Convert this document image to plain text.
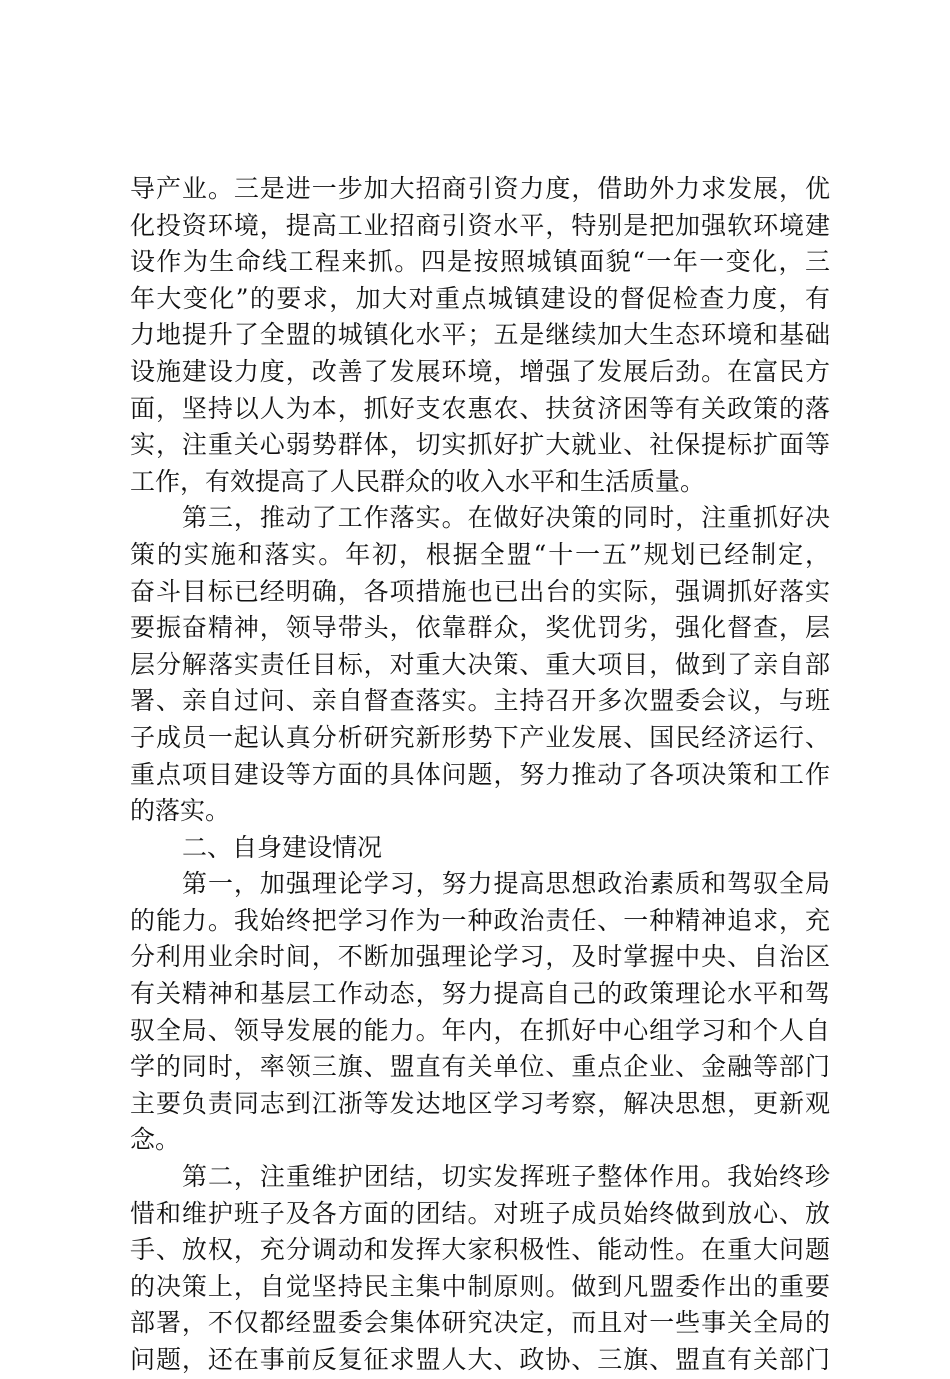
导产业。三是进一步加大招商引资力度，借助外力求发展，优
化投资环境，提高工业招商引资水平，特别是把加强软环境建
设作为生命线工程来抓。四是按照城镇面貌“一年一变化，三
年大变化”的要求，加大对重点城镇建设的督促检查力度，有
力地提升了全盟的城镇化水平；五是继续加大生态环境和基础
设施建设力度，改善了发展环境，增强了发展后劲。在富民方
面，坚持以人为本，抓好支农惠农、扶贫济困等有关政策的落
实，注重关心弱势群体，切实抓好扩大就业、社保提标扩面等
工作，有效提高了人民群众的收入水平和生活质量。
第三，推动了工作落实。在做好决策的同时，注重抓好决
策的实施和落实。年初，根据全盟“十一五”规划已经制定，
奋斗目标已经明确，各项措施也已出台的实际，强调抓好落实
要振奋精神，领导带头，依靠群众，奖优罚劣，强化督查，层
层分解落实责任目标，对重大决策、重大项目，做到了亲自部
署、亲自过问、亲自督查落实。主持召开多次盟委会议，与班
子成员一起认真分析研究新形势下产业发展、国民经济运行、
重点项目建设等方面的具体问题，努力推动了各项决策和工作
的落实。
二、自身建设情况
第一，加强理论学习，努力提高思想政治素质和驾驭全局
的能力。我始终把学习作为一种政治责任、一种精神追求，充
分利用业余时间，不断加强理论学习，及时掌握中央、自治区
有关精神和基层工作动态，努力提高自己的政策理论水平和驾
驭全局、领导发展的能力。年内，在抓好中心组学习和个人自
学的同时，率领三旗、盟直有关单位、重点企业、金融等部门
主要负责同志到江浙等发达地区学习考察，解决思想，更新观
念。
第二，注重维护团结，切实发挥班子整体作用。我始终珍
惜和维护班子及各方面的团结。对班子成员始终做到放心、放
手、放权，充分调动和发挥大家积极性、能动性。在重大问题
的决策上，自觉坚持民主集中制原则。做到凡盟委作出的重要
部署，不仅都经盟委会集体研究决定，而且对一些事关全局的
问题，还在事前反复征求盟人大、政协、三旗、盟直有关部门
